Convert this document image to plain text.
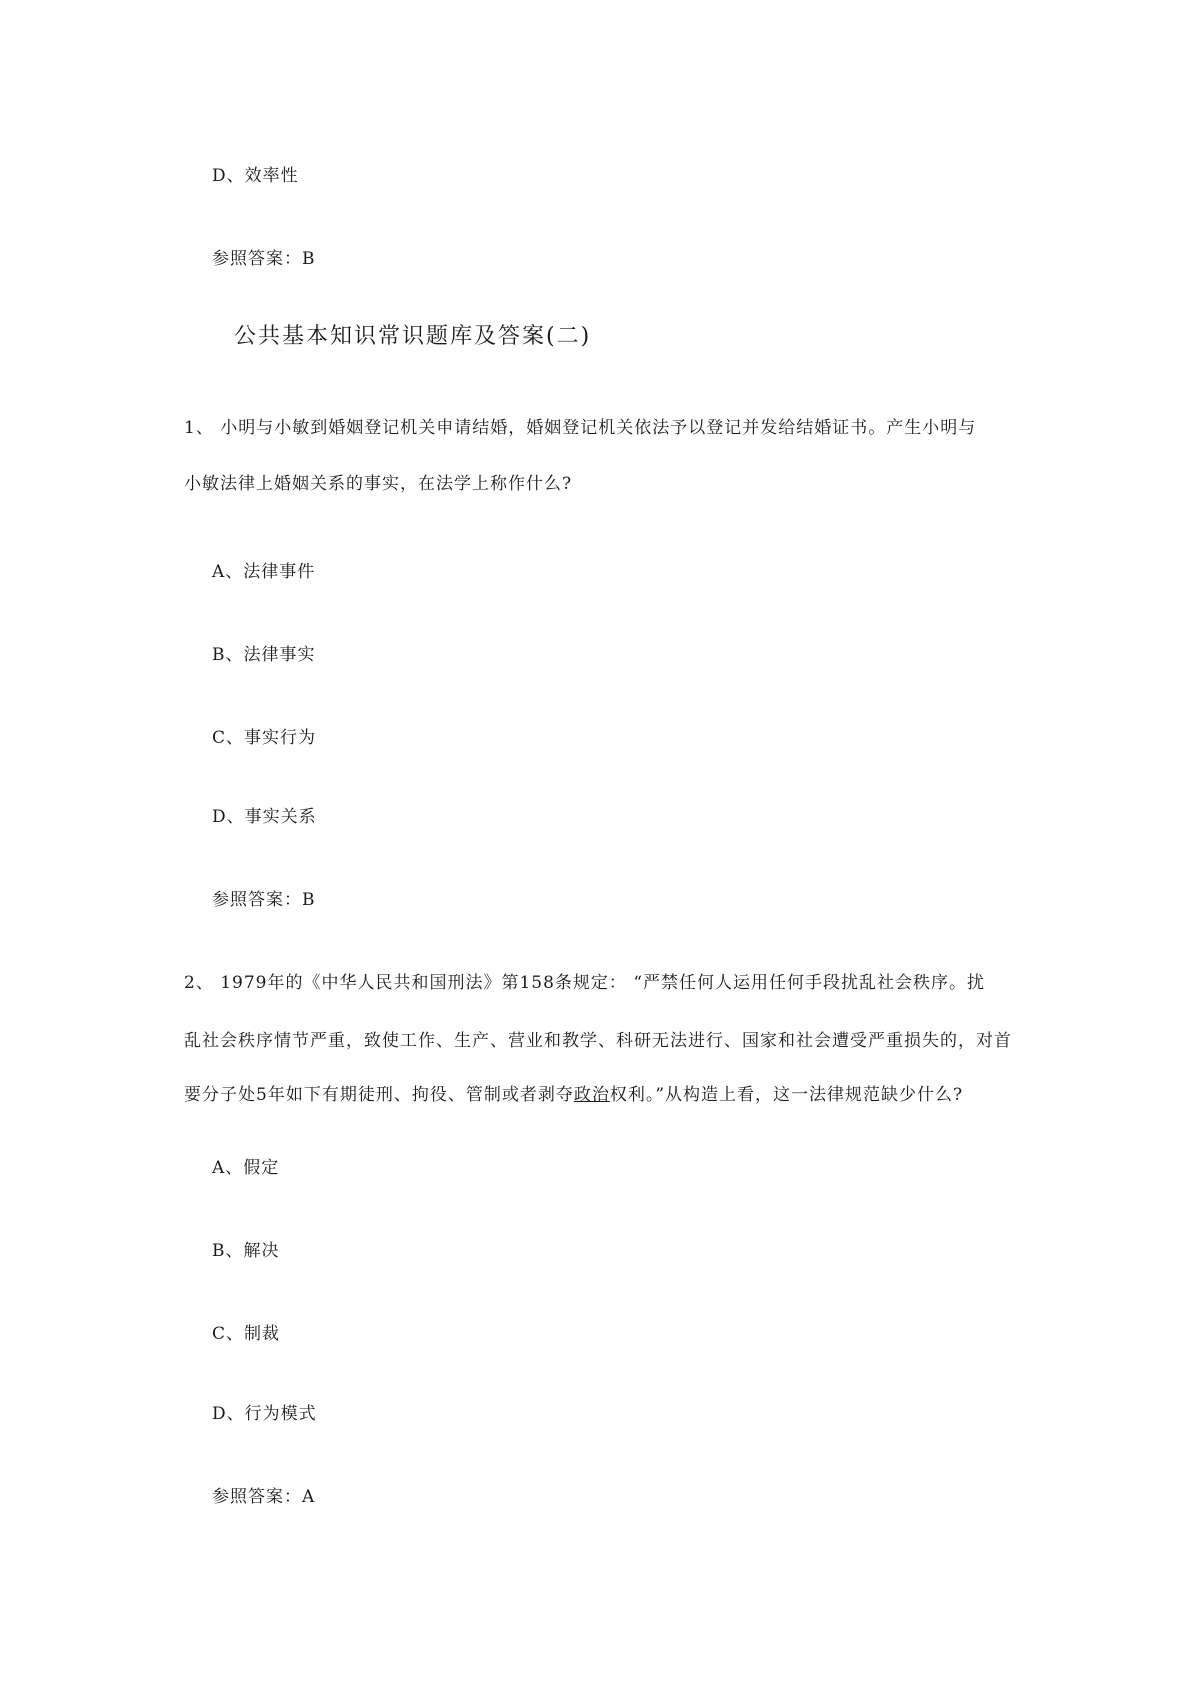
D、效率性
参照答案：B
公共基本知识常识题库及答案(二)
1、 小明与小敏到婚姻登记机关申请结婚，婚姻登记机关依法予以登记并发给结婚证书。产生小明与
小敏法律上婚姻关系的事实，在法学上称作什么?
A、法律事件
B、法律事实
C、事实行为
D、事实关系
参照答案：B
2、 1979年的《中华人民共和国刑法》第158条规定： “严禁任何人运用任何手段扰乱社会秩序。扰
乱社会秩序情节严重，致使工作、生产、营业和教学、科研无法进行、国家和社会遭受严重损失的，对首
要分子处5年如下有期徒刑、拘役、管制或者剥夺政治权利。”从构造上看，这一法律规范缺少什么?
A、假定
B、解决
C、制裁
D、行为模式
参照答案：A
